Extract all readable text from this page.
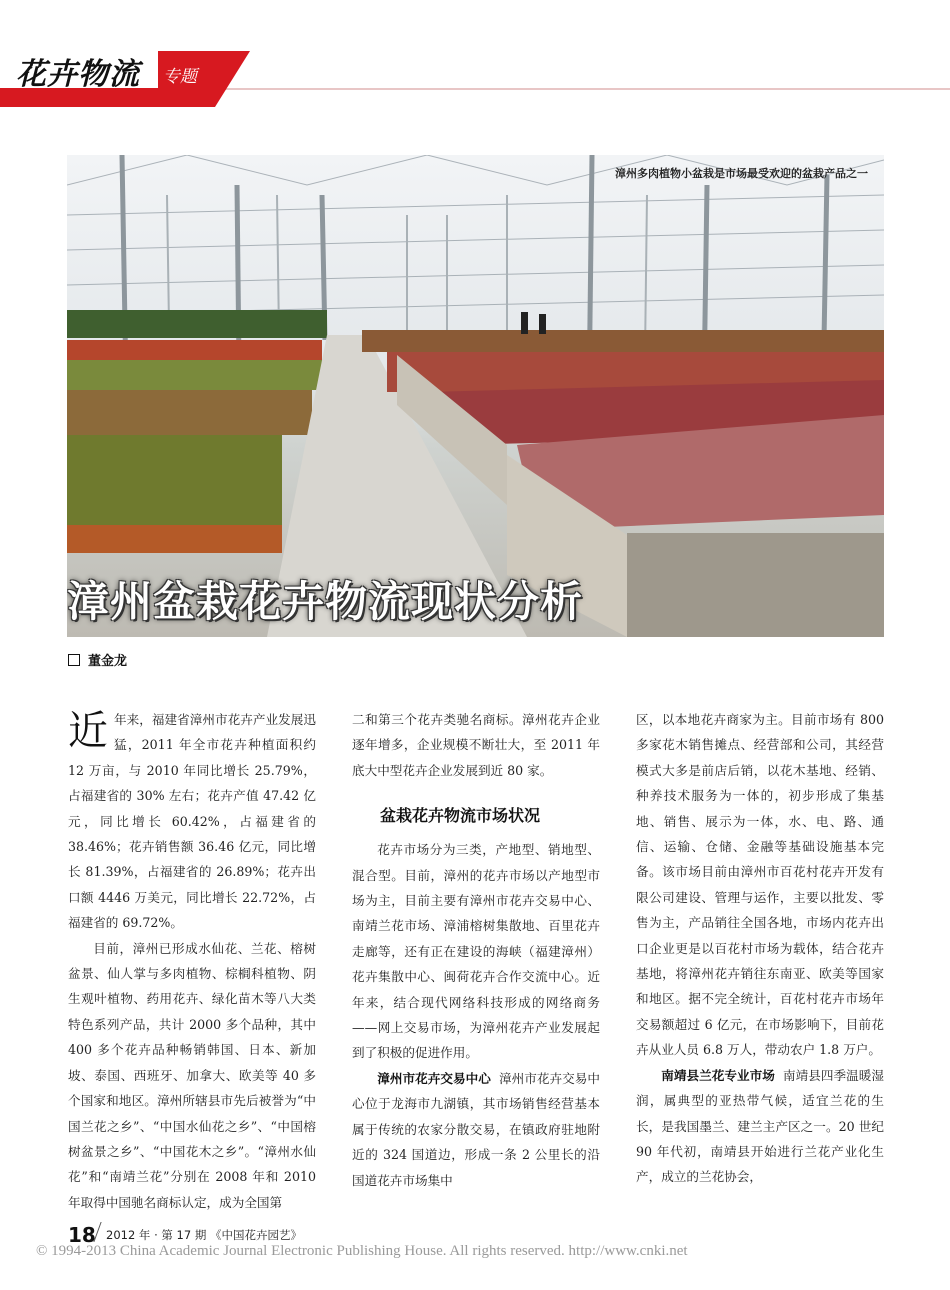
花卉物流 专题
漳州多肉植物小盆栽是市场最受欢迎的盆栽产品之一
漳州盆栽花卉物流现状分析
董金龙

近年来，福建省漳州市花卉产业发展迅猛，2011 年全市花卉种植面积约 12 万亩，与 2010 年同比增长 25.79%，占福建省的 30% 左右；花卉产值 47.42 亿元，同比增长 60.42%，占福建省的 38.46%；花卉销售额 36.46 亿元，同比增长 81.39%，占福建省的 26.89%；花卉出口额 4446 万美元，同比增长 22.72%，占福建省的 69.72%。

目前，漳州已形成水仙花、兰花、榕树盆景、仙人掌与多肉植物、棕榈科植物、阴生观叶植物、药用花卉、绿化苗木等八大类特色系列产品，共计 2000 多个品种，其中 400 多个花卉品种畅销韩国、日本、新加坡、泰国、西班牙、加拿大、欧美等 40 多个国家和地区。漳州所辖县市先后被誉为“中国兰花之乡”、“中国水仙花之乡”、“中国榕树盆景之乡”、“中国花木之乡”。“漳州水仙花”和“南靖兰花”分别在 2008 年和 2010 年取得中国驰名商标认定，成为全国第

二和第三个花卉类驰名商标。漳州花卉企业逐年增多，企业规模不断壮大，至 2011 年底大中型花卉企业发展到近 80 家。

盆栽花卉物流市场状况

花卉市场分为三类，产地型、销地型、混合型。目前，漳州的花卉市场以产地型市场为主，目前主要有漳州市花卉交易中心、南靖兰花市场、漳浦榕树集散地、百里花卉走廊等，还有正在建设的海峡（福建漳州）花卉集散中心、闽荷花卉合作交流中心。近年来，结合现代网络科技形成的网络商务——网上交易市场，为漳州花卉产业发展起到了积极的促进作用。

漳州市花卉交易中心 漳州市花卉交易中心位于龙海市九湖镇，其市场销售经营基本属于传统的农家分散交易，在镇政府驻地附近的 324 国道边，形成一条 2 公里长的沿国道花卉市场集中

区，以本地花卉商家为主。目前市场有 800 多家花木销售摊点、经营部和公司，其经营模式大多是前店后销，以花木基地、经销、种养技术服务为一体的，初步形成了集基地、销售、展示为一体，水、电、路、通信、运输、仓储、金融等基础设施基本完备。该市场目前由漳州市百花村花卉开发有限公司建设、管理与运作，主要以批发、零售为主，产品销往全国各地，市场内花卉出口企业更是以百花村市场为载体，结合花卉基地，将漳州花卉销往东南亚、欧美等国家和地区。据不完全统计，百花村花卉市场年交易额超过 6 亿元，在市场影响下，目前花卉从业人员 6.8 万人，带动农户 1.8 万户。

南靖县兰花专业市场 南靖县四季温暖湿润，属典型的亚热带气候，适宜兰花的生长，是我国墨兰、建兰主产区之一。20 世纪 90 年代初，南靖县开始进行兰花产业化生产，成立的兰花协会，

18 2012 年 · 第 17 期 《中国花卉园艺》
© 1994-2013 China Academic Journal Electronic Publishing House. All rights reserved. http://www.cnki.net
